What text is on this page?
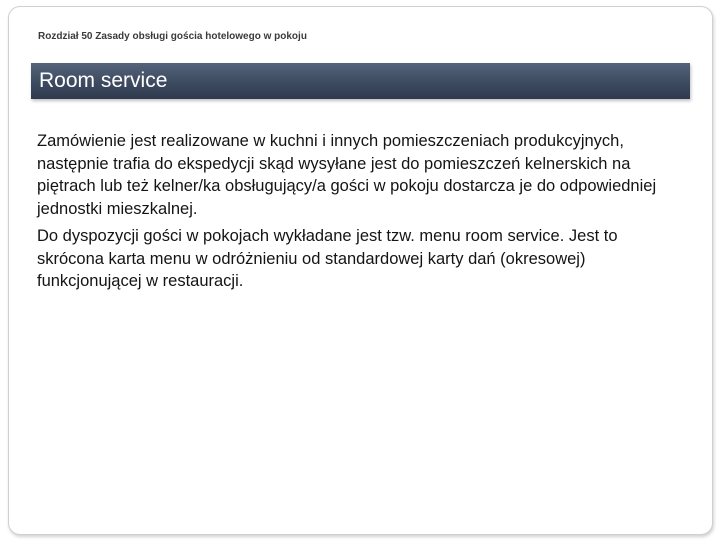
Rozdział 50 Zasady obsługi gościa hotelowego w pokoju
Room service

Zamówienie jest realizowane w kuchni i innych pomieszczeniach produkcyjnych, następnie trafia do ekspedycji skąd wysyłane jest do pomieszczeń kelnerskich na piętrach lub też kelner/ka obsługujący/a gości w pokoju dostarcza je do odpowiedniej jednostki mieszkalnej.

Do dyspozycji gości w pokojach wykładane jest tzw. menu room service. Jest to skrócona karta menu w odróżnieniu od standardowej karty dań (okresowej) funkcjonującej w restauracji.
